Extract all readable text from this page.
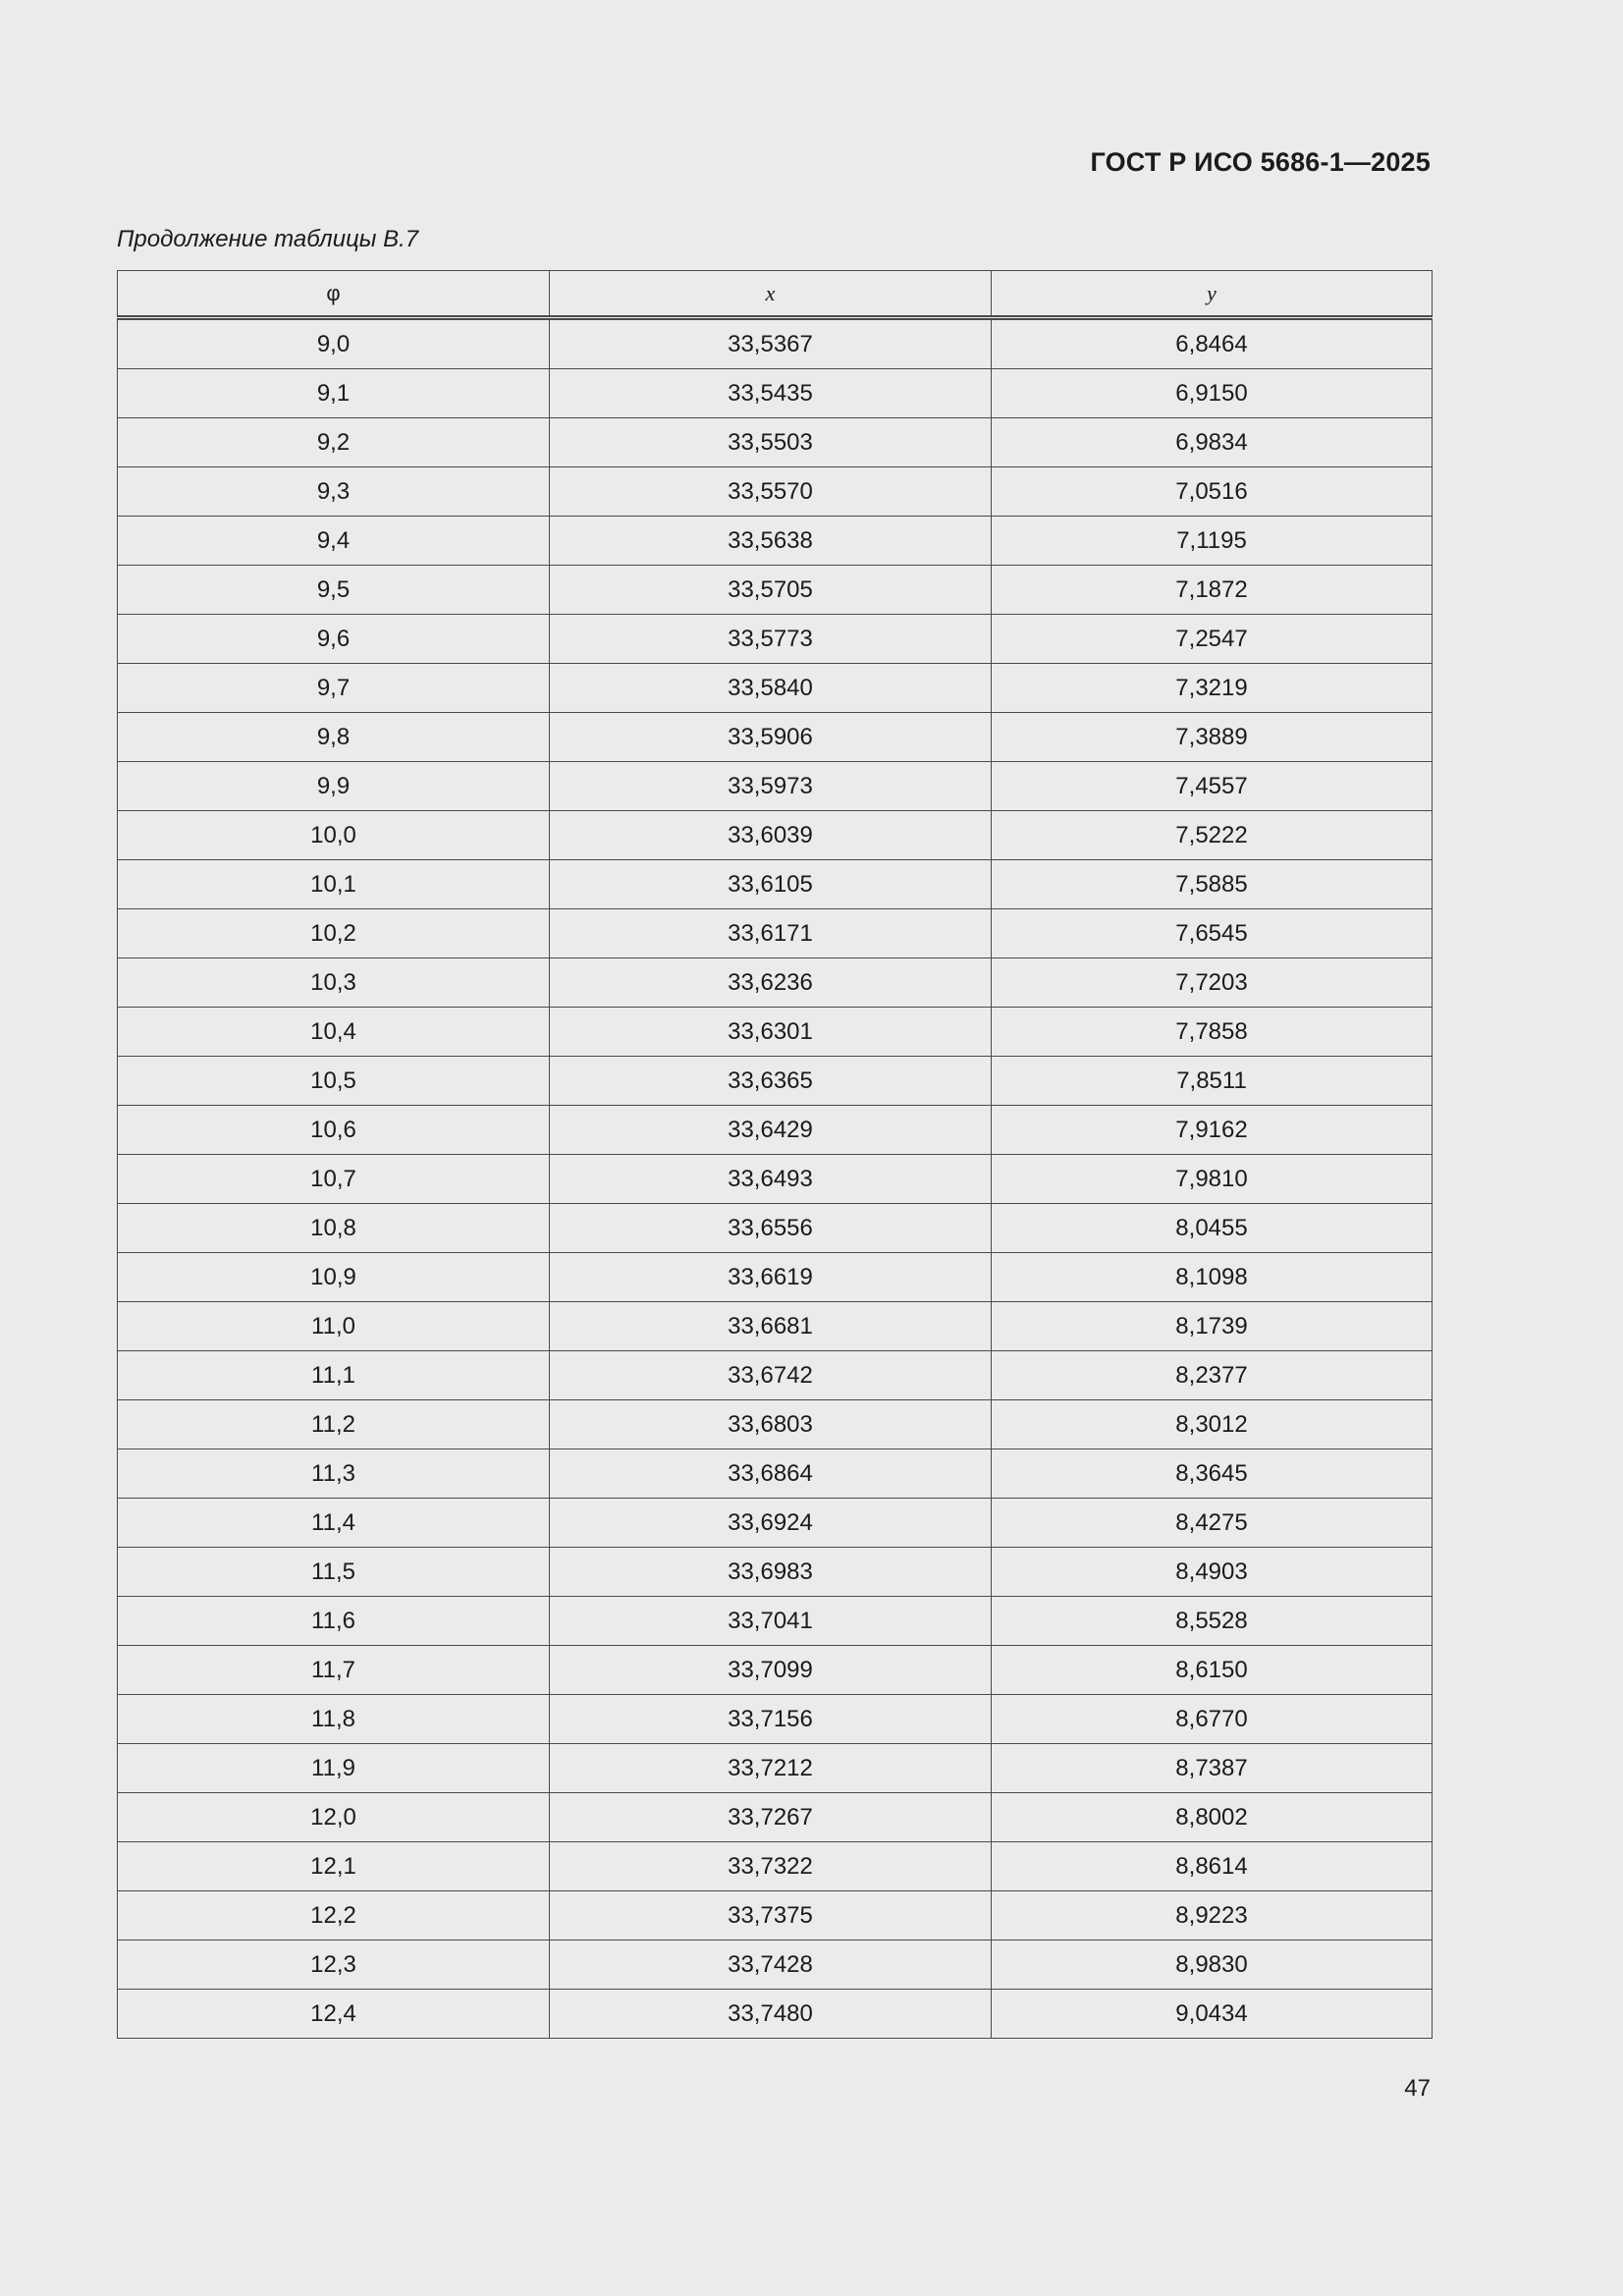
ГОСТ Р ИСО 5686-1—2025
Продолжение таблицы В.7
φ	x	y
9,0	33,5367	6,8464
9,1	33,5435	6,9150
9,2	33,5503	6,9834
9,3	33,5570	7,0516
9,4	33,5638	7,1195
9,5	33,5705	7,1872
9,6	33,5773	7,2547
9,7	33,5840	7,3219
9,8	33,5906	7,3889
9,9	33,5973	7,4557
10,0	33,6039	7,5222
10,1	33,6105	7,5885
10,2	33,6171	7,6545
10,3	33,6236	7,7203
10,4	33,6301	7,7858
10,5	33,6365	7,8511
10,6	33,6429	7,9162
10,7	33,6493	7,9810
10,8	33,6556	8,0455
10,9	33,6619	8,1098
11,0	33,6681	8,1739
11,1	33,6742	8,2377
11,2	33,6803	8,3012
11,3	33,6864	8,3645
11,4	33,6924	8,4275
11,5	33,6983	8,4903
11,6	33,7041	8,5528
11,7	33,7099	8,6150
11,8	33,7156	8,6770
11,9	33,7212	8,7387
12,0	33,7267	8,8002
12,1	33,7322	8,8614
12,2	33,7375	8,9223
12,3	33,7428	8,9830
12,4	33,7480	9,0434
47
